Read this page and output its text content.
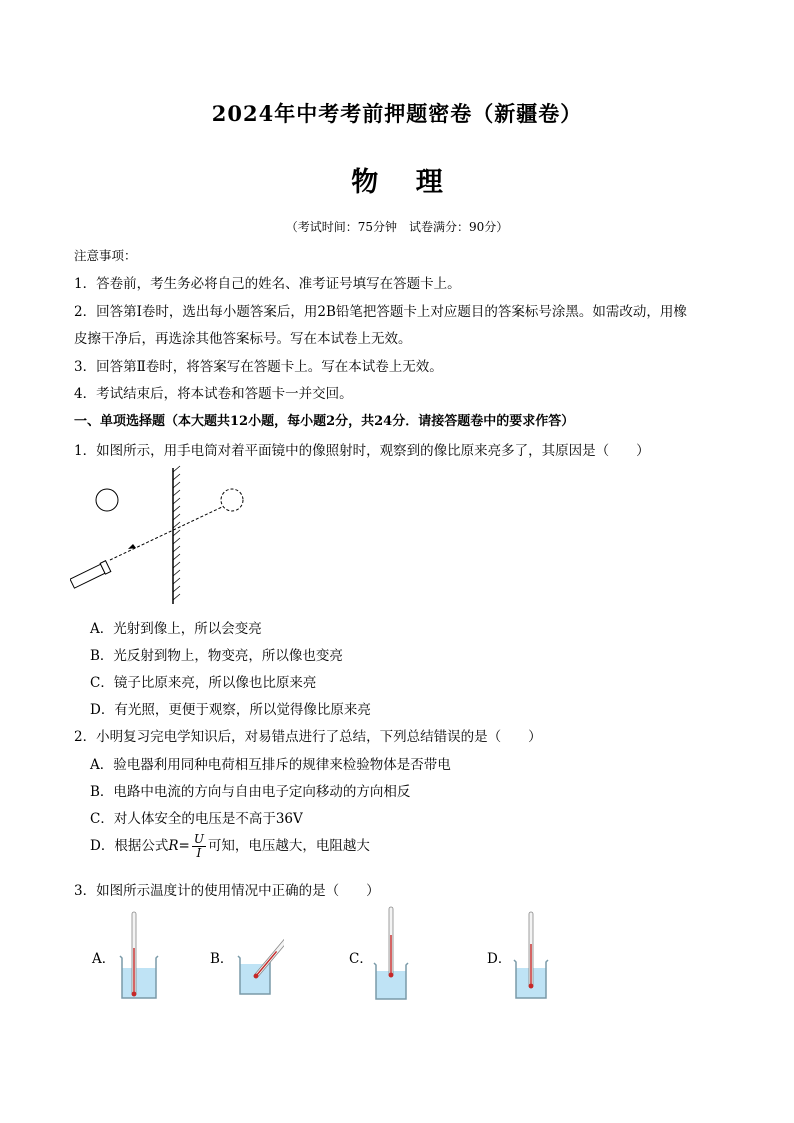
2024年中考考前押题密卷（新疆卷）
物 理
（考试时间：75分钟　试卷满分：90分）
注意事项：
1．答卷前，考生务必将自己的姓名、准考证号填写在答题卡上。
2．回答第Ⅰ卷时，选出每小题答案后，用2B铅笔把答题卡上对应题目的答案标号涂黑。如需改动，用橡
皮擦干净后，再选涂其他答案标号。写在本试卷上无效。
3．回答第Ⅱ卷时，将答案写在答题卡上。写在本试卷上无效。
4．考试结束后，将本试卷和答题卡一并交回。
一、单项选择题（本大题共12小题，每小题2分，共24分．请接答题卷中的要求作答）
1．如图所示，用手电筒对着平面镜中的像照射时，观察到的像比原来亮多了，其原因是（　　）
A．光射到像上，所以会变亮
B．光反射到物上，物变亮，所以像也变亮
C．镜子比原来亮，所以像也比原来亮
D．有光照，更便于观察，所以觉得像比原来亮
2．小明复习完电学知识后，对易错点进行了总结，下列总结错误的是（　　）
A．验电器利用同种电荷相互排斥的规律来检验物体是否带电
B．电路中电流的方向与自由电子定向移动的方向相反
C．对人体安全的电压是不高于36V
D．根据公式$R= \frac{U}{I}$ 可知，电压越大，电阻越大
3．如图所示温度计的使用情况中正确的是（　　）
A．	B．	C．	D．
